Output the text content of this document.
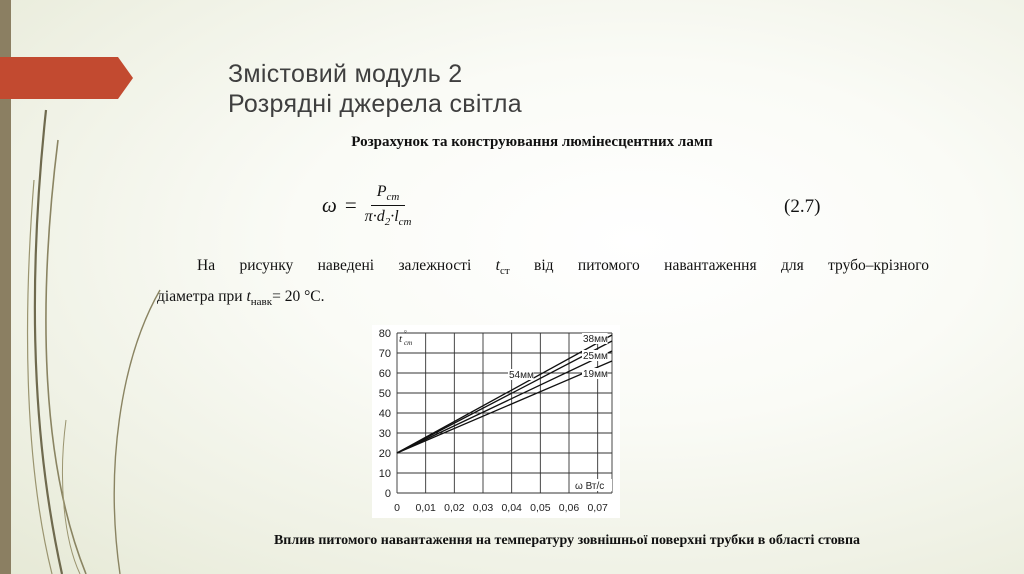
Змістовий модуль 2
Розрядні джерела світла
Розрахунок та конструювання люмінесцентних ламп
$\omega = \frac{P_{ст}}{\pi\cdot d_2\cdot l_{ст}}$	(2.7)
На рисунку наведені залежності $t_{ст}$ від питомого навантаження для трубо–крізного
діаметра при $t_{навк}= 20$ °С.
0
10
20
30
40
50
60
70
80
0 0,01 0,02 0,03 0,04 0,05 0,06 0,07
54мм
38мм
25мм
19мм
t °
ст
ω Вт/с
Вплив питомого навантаження на температуру зовнішньої поверхні трубки в області стовпа
